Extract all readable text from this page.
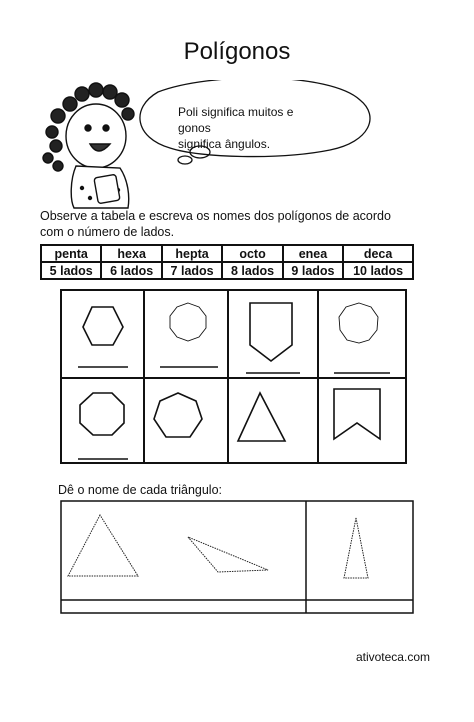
Polígonos
Poli significa muitos e gonos
significa ângulos.
Observe a tabela e escreva os nomes dos polígonos de acordo
com o número de lados.
penta	hexa	hepta	octo	enea	deca
5 lados	6 lados	7 lados	8 lados	9 lados	10 lados
Dê o nome de cada triângulo:
ativoteca.com
